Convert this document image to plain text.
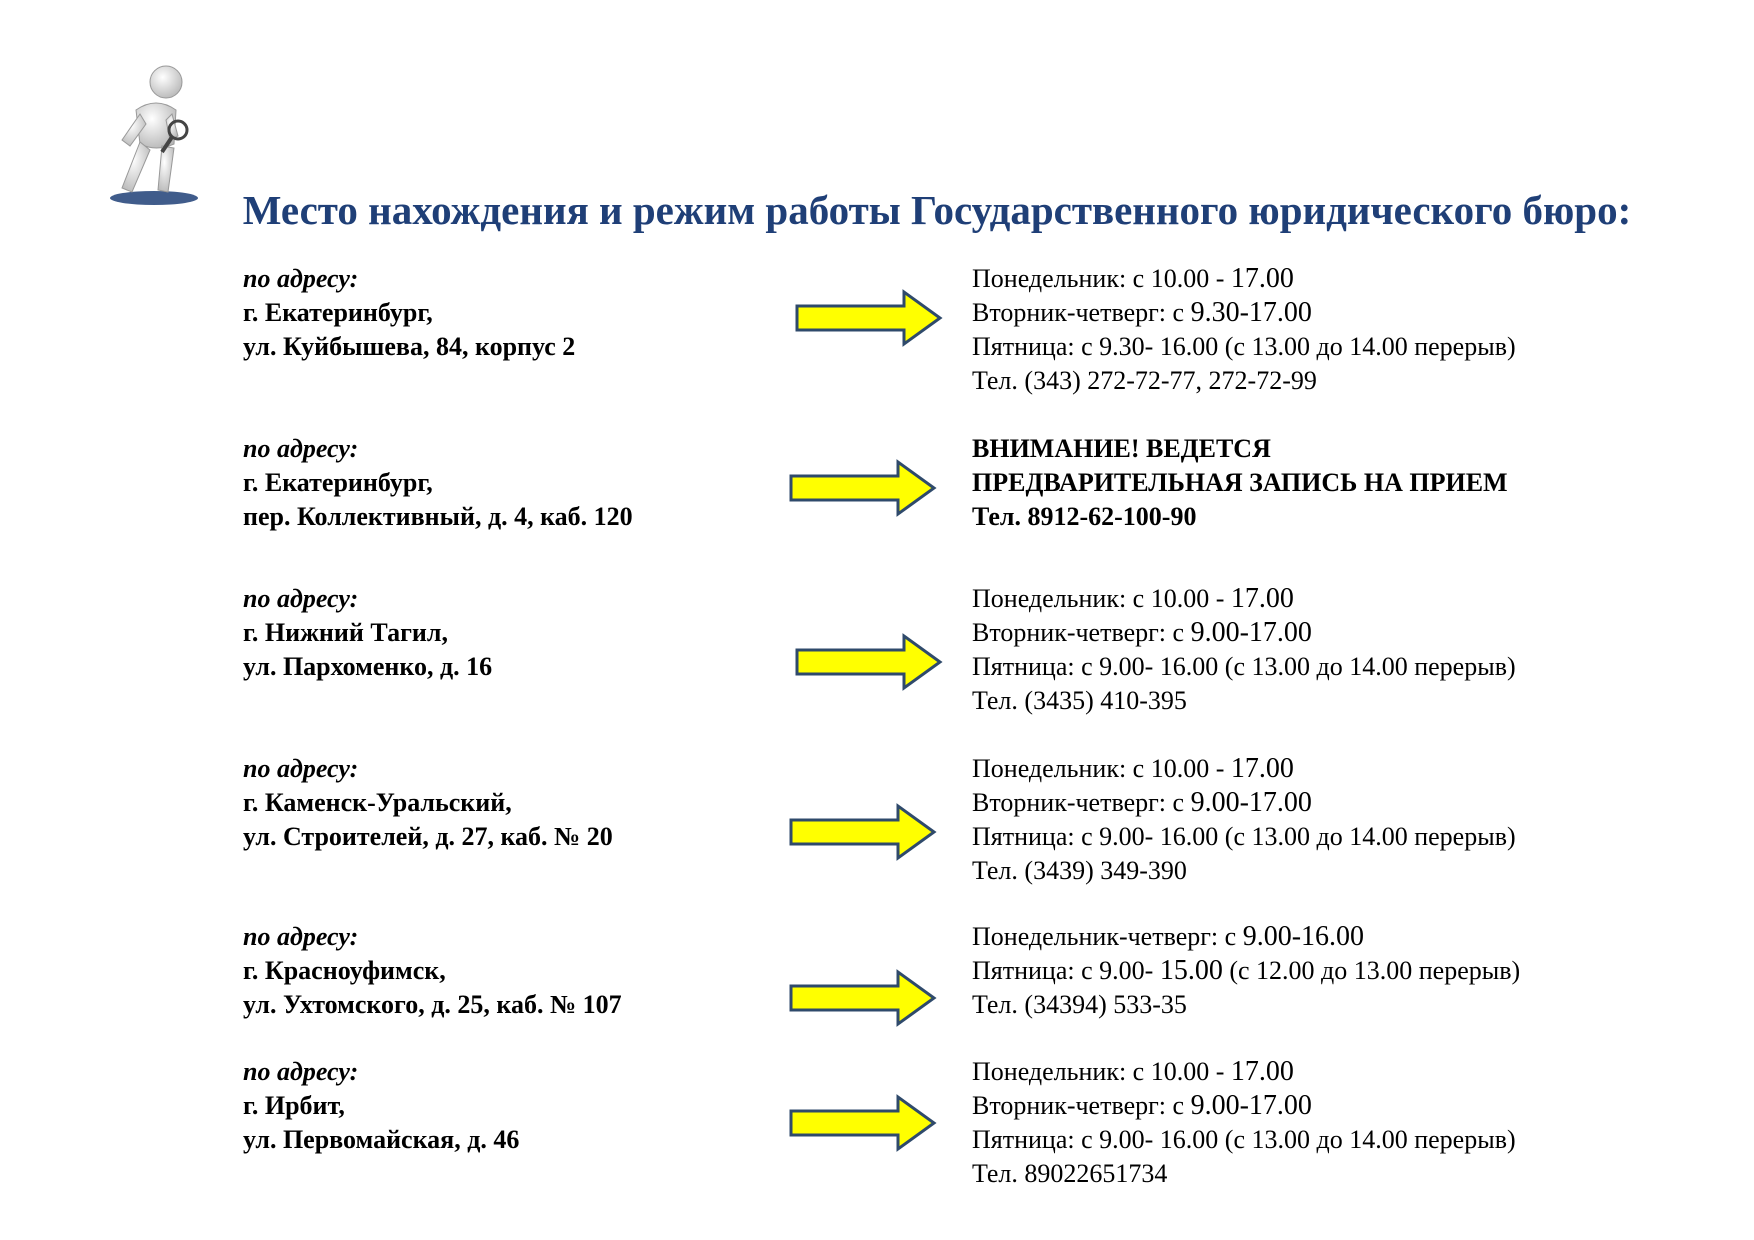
Место нахождения и режим работы Государственного юридического бюро:
по адресу:
г. Екатеринбург,
ул. Куйбышева, 84, корпус 2
Понедельник: с 10.00 - 17.00
Вторник-четверг: с 9.30-17.00
Пятница: с 9.30- 16.00 (с 13.00 до 14.00 перерыв)
Тел. (343) 272-72-77, 272-72-99
по адресу:
г. Екатеринбург,
пер. Коллективный, д. 4, каб. 120
ВНИМАНИЕ! ВЕДЕТСЯ
ПРЕДВАРИТЕЛЬНАЯ ЗАПИСЬ НА ПРИЕМ
Тел. 8912-62-100-90
по адресу:
г. Нижний Тагил,
ул. Пархоменко, д. 16
Понедельник: с 10.00 - 17.00
Вторник-четверг: с 9.00-17.00
Пятница: с 9.00- 16.00 (с 13.00 до 14.00 перерыв)
Тел. (3435) 410-395
по адресу:
г. Каменск-Уральский,
ул. Строителей, д. 27, каб. № 20
Понедельник: с 10.00 - 17.00
Вторник-четверг: с 9.00-17.00
Пятница: с 9.00- 16.00 (с 13.00 до 14.00 перерыв)
Тел. (3439) 349-390
по адресу:
г. Красноуфимск,
ул. Ухтомского, д. 25, каб. № 107
Понедельник-четверг: с 9.00-16.00
Пятница: с 9.00- 15.00 (с 12.00 до 13.00 перерыв)
Тел. (34394) 533-35
по адресу:
г. Ирбит,
ул. Первомайская, д. 46
Понедельник: с 10.00 - 17.00
Вторник-четверг: с 9.00-17.00
Пятница: с 9.00- 16.00 (с 13.00 до 14.00 перерыв)
Тел. 89022651734
